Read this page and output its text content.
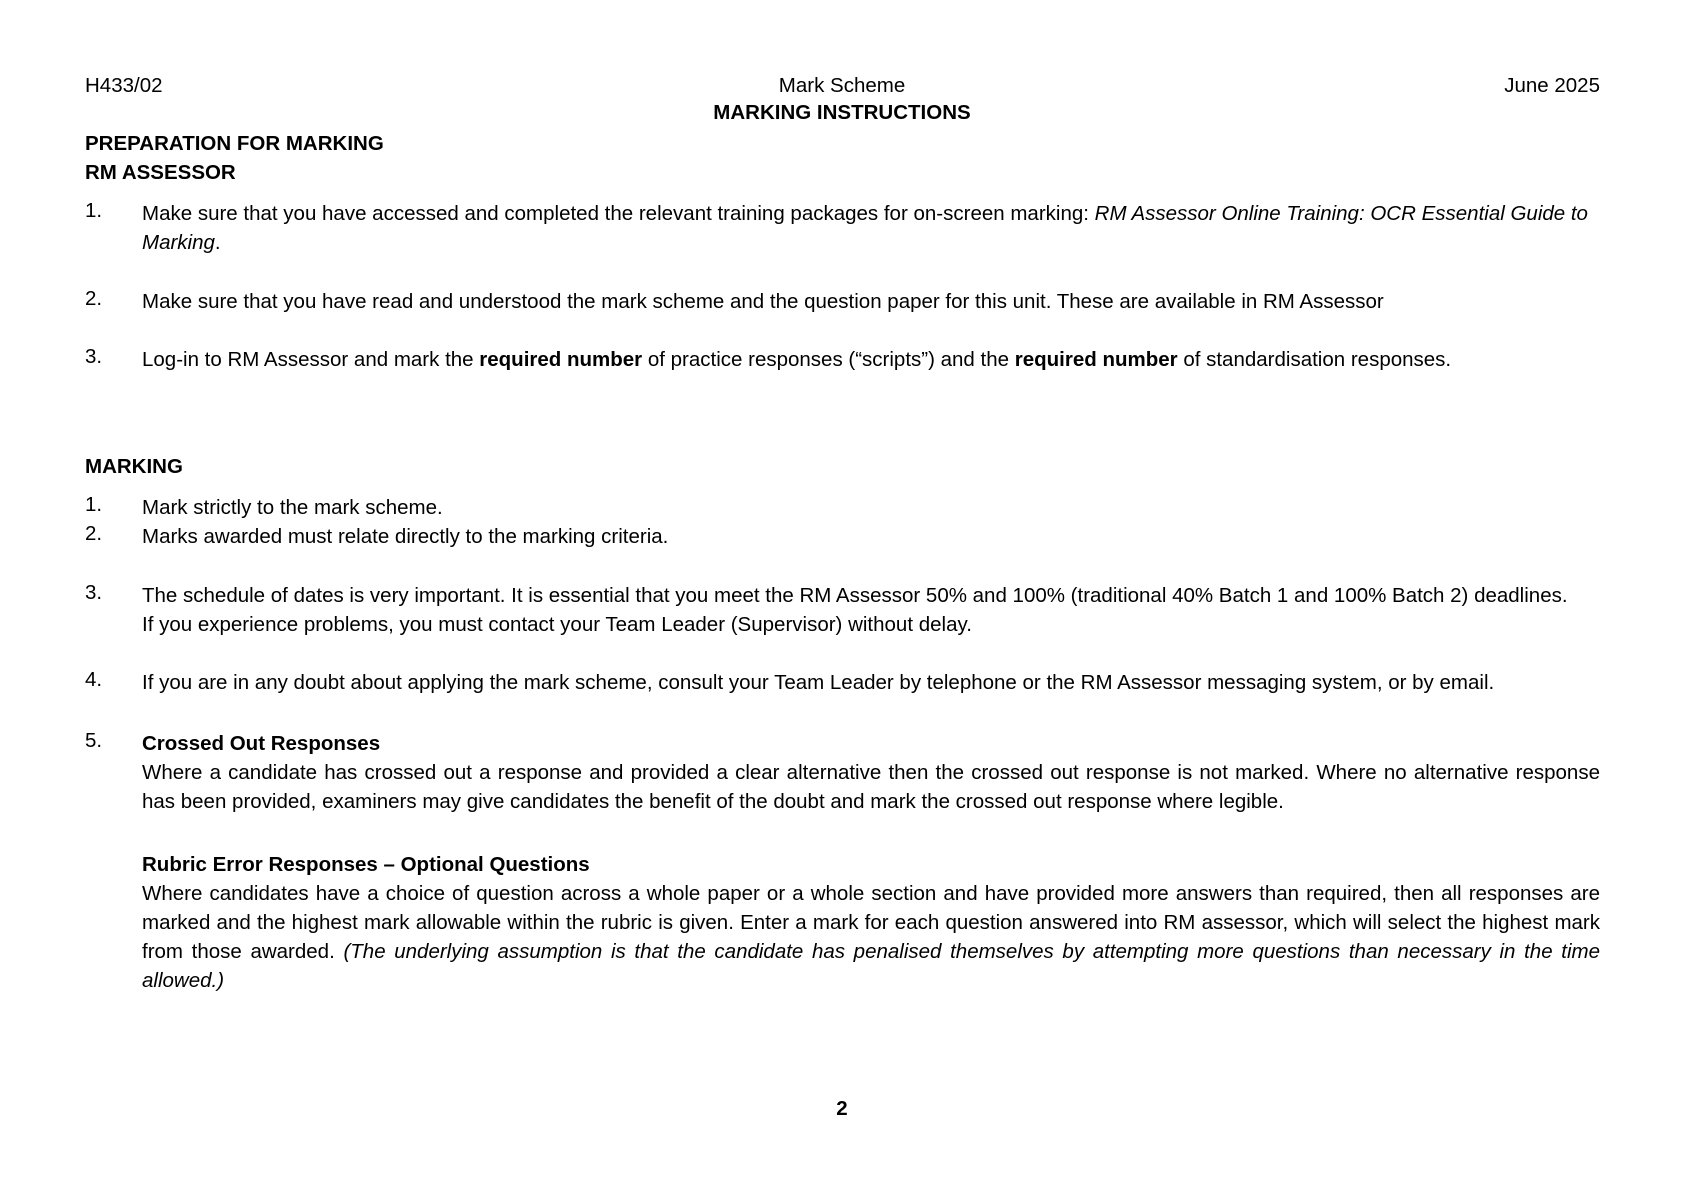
H433/02	Mark Scheme	June 2025
MARKING INSTRUCTIONS
PREPARATION FOR MARKING
RM ASSESSOR
1. Make sure that you have accessed and completed the relevant training packages for on-screen marking: RM Assessor Online Training: OCR Essential Guide to Marking.
2. Make sure that you have read and understood the mark scheme and the question paper for this unit. These are available in RM Assessor
3. Log-in to RM Assessor and mark the required number of practice responses (“scripts”) and the required number of standardisation responses.
MARKING
1. Mark strictly to the mark scheme.
2. Marks awarded must relate directly to the marking criteria.
3. The schedule of dates is very important. It is essential that you meet the RM Assessor 50% and 100% (traditional 40% Batch 1 and 100% Batch 2) deadlines. If you experience problems, you must contact your Team Leader (Supervisor) without delay.
4. If you are in any doubt about applying the mark scheme, consult your Team Leader by telephone or the RM Assessor messaging system, or by email.
5. Crossed Out Responses
Where a candidate has crossed out a response and provided a clear alternative then the crossed out response is not marked. Where no alternative response has been provided, examiners may give candidates the benefit of the doubt and mark the crossed out response where legible.
Rubric Error Responses – Optional Questions
Where candidates have a choice of question across a whole paper or a whole section and have provided more answers than required, then all responses are marked and the highest mark allowable within the rubric is given. Enter a mark for each question answered into RM assessor, which will select the highest mark from those awarded. (The underlying assumption is that the candidate has penalised themselves by attempting more questions than necessary in the time allowed.)
2
